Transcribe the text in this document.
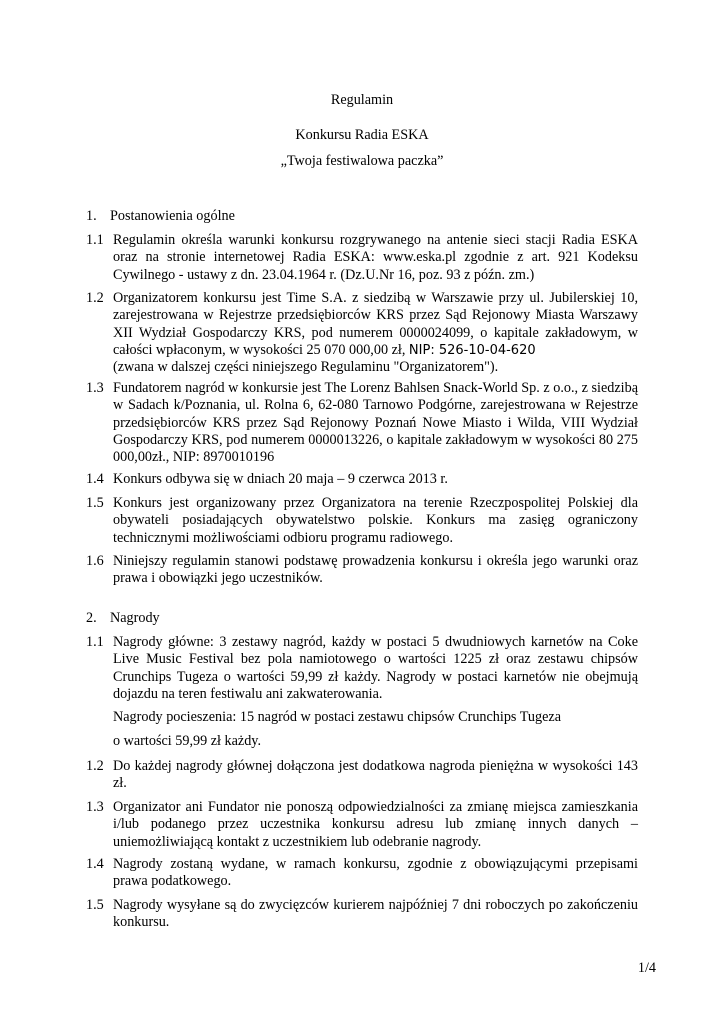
Regulamin
Konkursu Radia ESKA
„Twoja festiwalowa paczka”
1. Postanowienia ogólne
1.1 Regulamin określa warunki konkursu rozgrywanego na antenie sieci stacji Radia ESKA oraz na stronie internetowej Radia ESKA: www.eska.pl zgodnie z art. 921 Kodeksu Cywilnego - ustawy z dn. 23.04.1964 r. (Dz.U.Nr 16, poz. 93 z późn. zm.)
1.2 Organizatorem konkursu jest Time S.A. z siedzibą w Warszawie przy ul. Jubilerskiej 10, zarejestrowana w Rejestrze przedsiębiorców KRS przez Sąd Rejonowy Miasta Warszawy XII Wydział Gospodarczy KRS, pod numerem 0000024099, o kapitale zakładowym, w całości wpłaconym, w wysokości 25 070 000,00 zł, NIP: 526-10-04-620
(zwana w dalszej części niniejszego Regulaminu "Organizatorem").
1.3 Fundatorem nagród w konkursie jest The Lorenz Bahlsen Snack-World Sp. z o.o., z siedzibą w Sadach k/Poznania, ul. Rolna 6, 62-080 Tarnowo Podgórne, zarejestrowana w Rejestrze przedsiębiorców KRS przez Sąd Rejonowy Poznań Nowe Miasto i Wilda, VIII Wydział Gospodarczy KRS, pod numerem 0000013226, o kapitale zakładowym w wysokości 80 275 000,00zł., NIP: 8970010196
1.4 Konkurs odbywa się w dniach 20 maja – 9 czerwca 2013 r.
1.5 Konkurs jest organizowany przez Organizatora na terenie Rzeczpospolitej Polskiej dla obywateli posiadających obywatelstwo polskie. Konkurs ma zasięg ograniczony technicznymi możliwościami odbioru programu radiowego.
1.6 Niniejszy regulamin stanowi podstawę prowadzenia konkursu i określa jego warunki oraz prawa i obowiązki jego uczestników.
2. Nagrody
1.1 Nagrody główne: 3 zestawy nagród, każdy w postaci 5 dwudniowych karnetów na Coke Live Music Festival bez pola namiotowego o wartości 1225 zł oraz zestawu chipsów Crunchips Tugeza o wartości 59,99 zł każdy. Nagrody w postaci karnetów nie obejmują dojazdu na teren festiwalu ani zakwaterowania.
Nagrody pocieszenia: 15 nagród w postaci zestawu chipsów Crunchips Tugeza
o wartości 59,99 zł każdy.
1.2 Do każdej nagrody głównej dołączona jest dodatkowa nagroda pieniężna w wysokości 143 zł.
1.3 Organizator ani Fundator nie ponoszą odpowiedzialności za zmianę miejsca zamieszkania i/lub podanego przez uczestnika konkursu adresu lub zmianę innych danych – uniemożliwiającą kontakt z uczestnikiem lub odebranie nagrody.
1.4 Nagrody zostaną wydane, w ramach konkursu, zgodnie z obowiązującymi przepisami prawa podatkowego.
1.5 Nagrody wysyłane są do zwycięzców kurierem najpóźniej 7 dni roboczych po zakończeniu konkursu.
1/4
